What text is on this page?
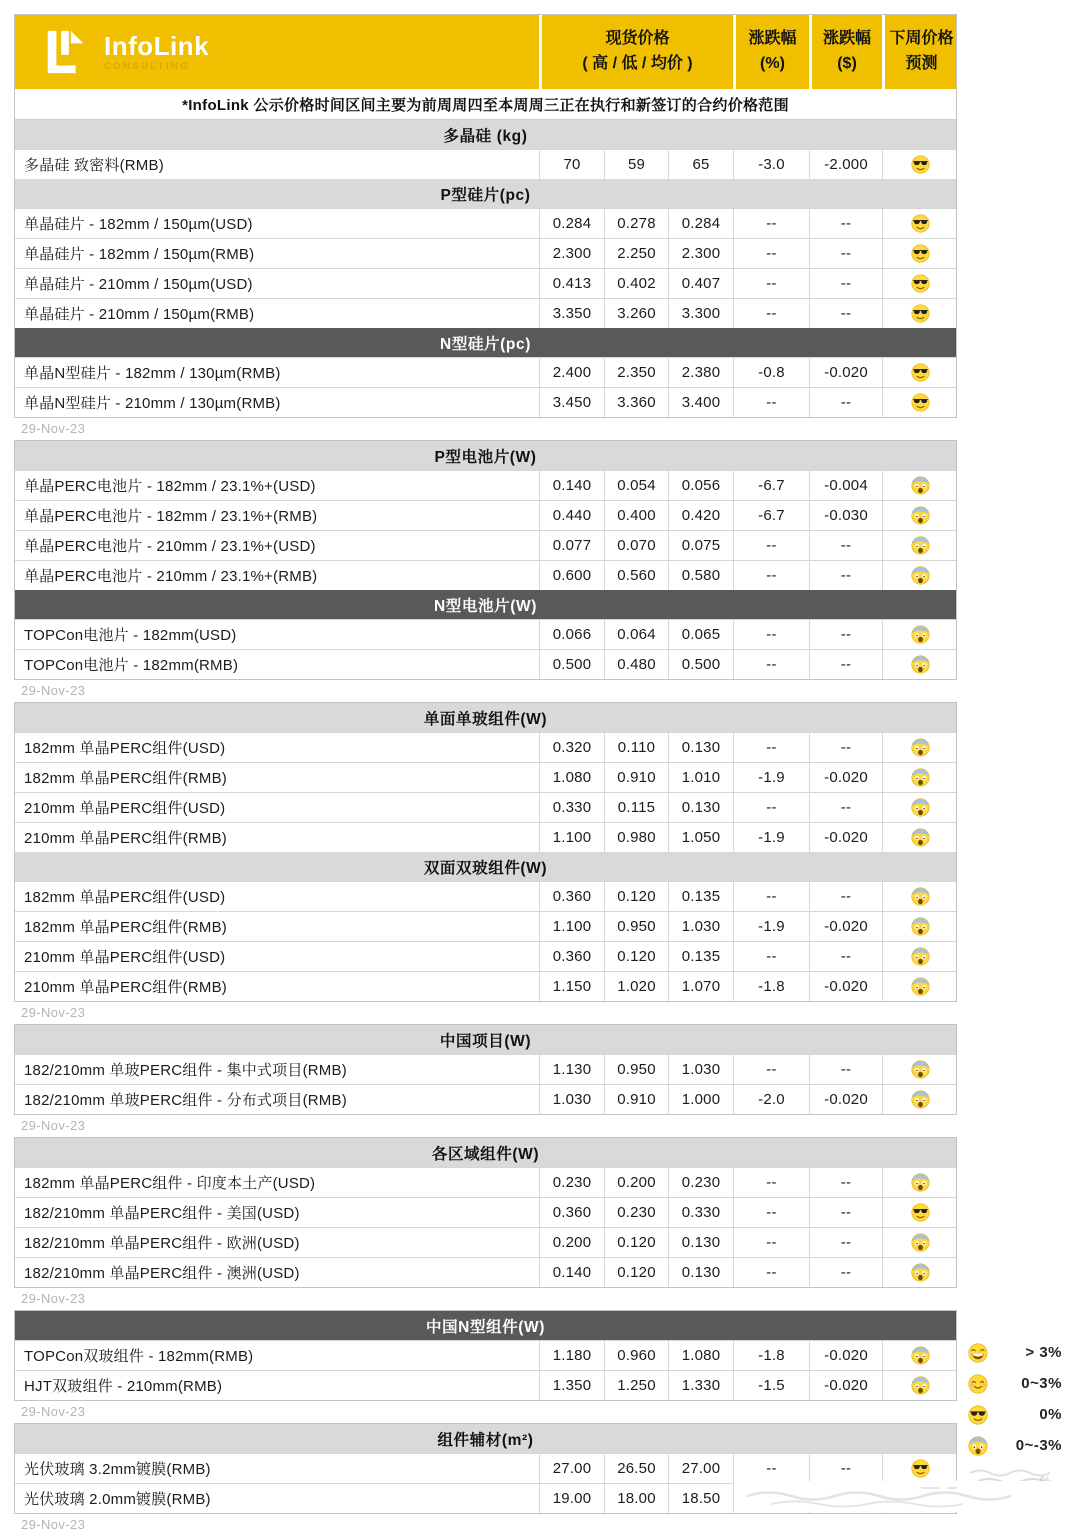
InfoLink
CONSULTING
现货价格
( 高 / 低 / 均价 )
涨跌幅
(%)
涨跌幅
($)
下周价格
预测
*InfoLink 公示价格时间区间主要为前周周四至本周周三正在执行和新签订的合约价格范围
多晶硅 (kg)
多晶硅 致密料(RMB)	70	59	65	-3.0	-2.000
P型硅片(pc)
单晶硅片 - 182mm / 150µm(USD)	0.284	0.278	0.284	--	--
单晶硅片 - 182mm / 150µm(RMB)	2.300	2.250	2.300	--	--
单晶硅片 - 210mm / 150µm(USD)	0.413	0.402	0.407	--	--
单晶硅片 - 210mm / 150µm(RMB)	3.350	3.260	3.300	--	--
N型硅片(pc)
单晶N型硅片 - 182mm / 130µm(RMB)	2.400	2.350	2.380	-0.8	-0.020
单晶N型硅片 - 210mm / 130µm(RMB)	3.450	3.360	3.400	--	--
29-Nov-23
P型电池片(W)
单晶PERC电池片 - 182mm / 23.1%+(USD)	0.140	0.054	0.056	-6.7	-0.004
单晶PERC电池片 - 182mm / 23.1%+(RMB)	0.440	0.400	0.420	-6.7	-0.030
单晶PERC电池片 - 210mm / 23.1%+(USD)	0.077	0.070	0.075	--	--
单晶PERC电池片 - 210mm / 23.1%+(RMB)	0.600	0.560	0.580	--	--
N型电池片(W)
TOPCon电池片 - 182mm(USD)	0.066	0.064	0.065	--	--
TOPCon电池片 - 182mm(RMB)	0.500	0.480	0.500	--	--
29-Nov-23
单面单玻组件(W)
182mm 单晶PERC组件(USD)	0.320	0.110	0.130	--	--
182mm 单晶PERC组件(RMB)	1.080	0.910	1.010	-1.9	-0.020
210mm 单晶PERC组件(USD)	0.330	0.115	0.130	--	--
210mm 单晶PERC组件(RMB)	1.100	0.980	1.050	-1.9	-0.020
双面双玻组件(W)
182mm 单晶PERC组件(USD)	0.360	0.120	0.135	--	--
182mm 单晶PERC组件(RMB)	1.100	0.950	1.030	-1.9	-0.020
210mm 单晶PERC组件(USD)	0.360	0.120	0.135	--	--
210mm 单晶PERC组件(RMB)	1.150	1.020	1.070	-1.8	-0.020
29-Nov-23
中国项目(W)
182/210mm 单玻PERC组件 - 集中式项目(RMB)	1.130	0.950	1.030	--	--
182/210mm 单玻PERC组件 - 分布式项目(RMB)	1.030	0.910	1.000	-2.0	-0.020
29-Nov-23
各区域组件(W)
182mm 单晶PERC组件 - 印度本土产(USD)	0.230	0.200	0.230	--	--
182/210mm 单晶PERC组件 - 美国(USD)	0.360	0.230	0.330	--	--
182/210mm 单晶PERC组件 - 欧洲(USD)	0.200	0.120	0.130	--	--
182/210mm 单晶PERC组件 - 澳洲(USD)	0.140	0.120	0.130	--	--
29-Nov-23
中国N型组件(W)
TOPCon双玻组件 - 182mm(RMB)	1.180	0.960	1.080	-1.8	-0.020
HJT双玻组件 - 210mm(RMB)	1.350	1.250	1.330	-1.5	-0.020
29-Nov-23
组件辅材(m²)
光伏玻璃 3.2mm镀膜(RMB)	27.00	26.50	27.00	--	--
光伏玻璃 2.0mm镀膜(RMB)	19.00	18.00	18.50
29-Nov-23
> 3%
0~3%
0%
0~-3%
